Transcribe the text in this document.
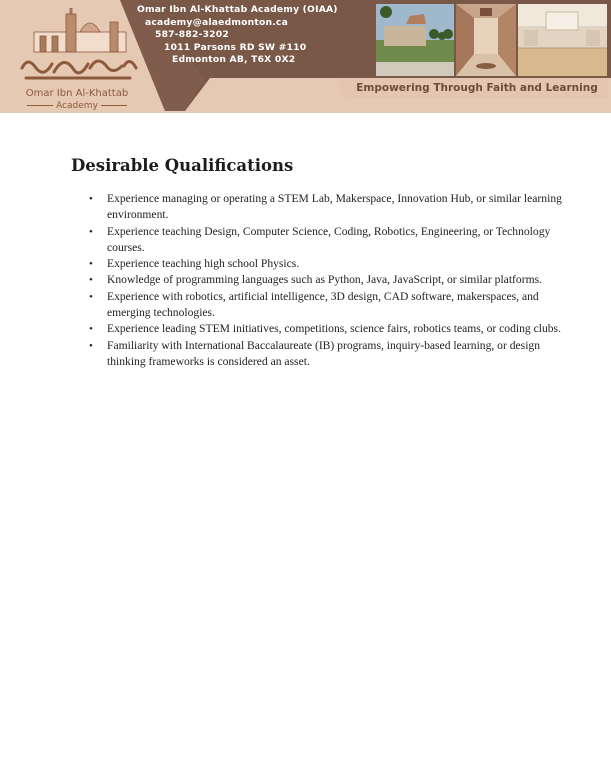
Omar Ibn Al-Khattab
Academy
Omar Ibn Al-Khattab Academy (OIAA)
academy@alaedmonton.ca
587-882-3202
1011 Parsons RD SW #110
Edmonton AB, T6X 0X2
Empowering Through Faith and Learning
Desirable Qualifications
• Experience managing or operating a STEM Lab, Makerspace, Innovation Hub, or similar learning environment.
• Experience teaching Design, Computer Science, Coding, Robotics, Engineering, or Technology courses.
• Experience teaching high school Physics.
• Knowledge of programming languages such as Python, Java, JavaScript, or similar platforms.
• Experience with robotics, artificial intelligence, 3D design, CAD software, makerspaces, and emerging technologies.
• Experience leading STEM initiatives, competitions, science fairs, robotics teams, or coding clubs.
• Familiarity with International Baccalaureate (IB) programs, inquiry-based learning, or design thinking frameworks is considered an asset.
